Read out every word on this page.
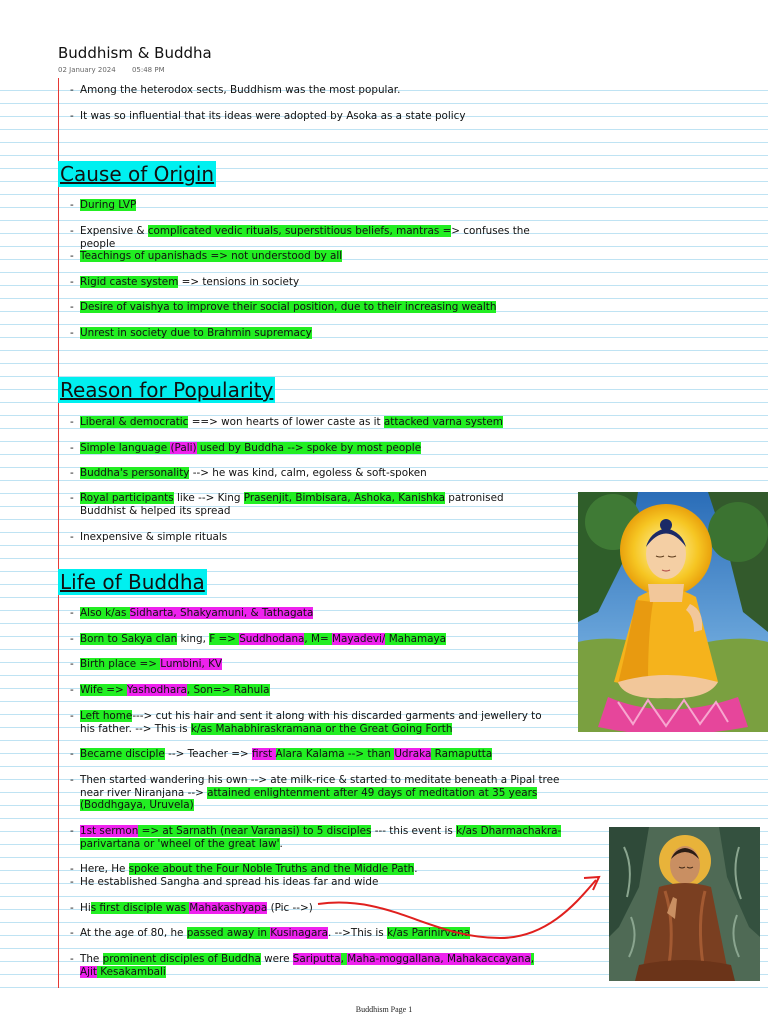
Buddhism & Buddha
02 January 2024 05:48 PM
- Among the heterodox sects, Buddhism was the most popular.
- It was so influential that its ideas were adopted by Asoka as a state policy
Cause of Origin
- During LVP
- Expensive & complicated vedic rituals, superstitious beliefs, mantras => confuses the people
- Teachings of upanishads => not understood by all
- Rigid caste system => tensions in society
- Desire of vaishya to improve their social position, due to their increasing wealth
- Unrest in society due to Brahmin supremacy
Reason for Popularity
- Liberal & democratic ==> won hearts of lower caste as it attacked varna system
- Simple language (Pali) used by Buddha --> spoke by most people
- Buddha's personality --> he was kind, calm, egoless & soft-spoken
- Royal participants like --> King Prasenjit, Bimbisara, Ashoka, Kanishka patronised Buddhist & helped its spread
- Inexpensive & simple rituals
Life of Buddha
- Also k/as Sidharta, Shakyamuni, & Tathagata
- Born to Sakya clan king, F => Suddhodana, M= Mayadevi/ Mahamaya
- Birth place => Lumbini, KV
- Wife => Yashodhara, Son=> Rahula
- Left home---> cut his hair and sent it along with his discarded garments and jewellery to his father. --> This is k/as Mahabhiraskramana or the Great Going Forth
- Became disciple --> Teacher => first Alara Kalama --> than Udraka Ramaputta
- Then started wandering his own --> ate milk-rice & started to meditate beneath a Pipal tree near river Niranjana --> attained enlightenment after 49 days of meditation at 35 years (Boddhgaya, Uruvela)
- 1st sermon => at Sarnath (near Varanasi) to 5 disciples --- this event is k/as Dharmachakra-parivartana or 'wheel of the great law'.
- Here, He spoke about the Four Noble Truths and the Middle Path.
- He established Sangha and spread his ideas far and wide
- His first disciple was Mahakashyapa (Pic -->)
- At the age of 80, he passed away in Kusinagara. -->This is k/as Parinirvana
- The prominent disciples of Buddha were Sariputta, Maha-moggallana, Mahakaccayana, Ajit Kesakambali
Buddhism Page 1
